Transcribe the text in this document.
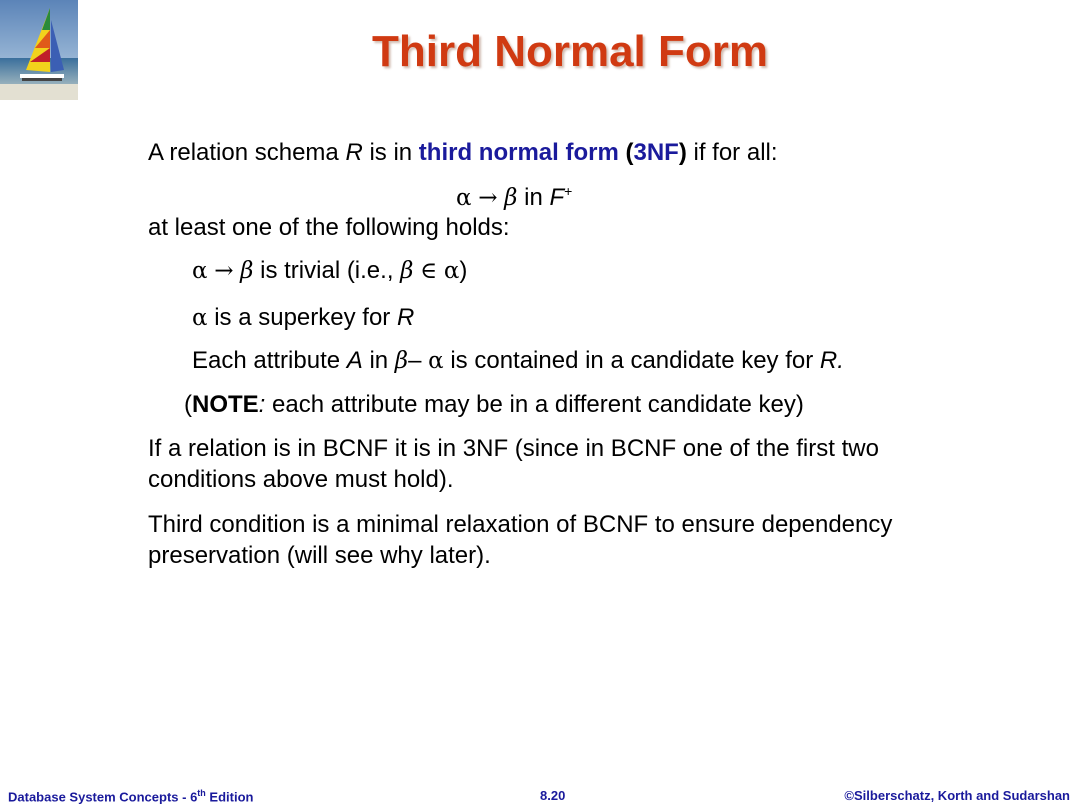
Third Normal Form
A relation schema R is in third normal form (3NF) if for all:
α → β in F+
at least one of the following holds:
α → β is trivial (i.e., β ∈ α)
α is a superkey for R
Each attribute A in β– α is contained in a candidate key for R.
(NOTE: each attribute may be in a different candidate key)
If a relation is in BCNF it is in 3NF (since in BCNF one of the first two
conditions above must hold).
Third condition is a minimal relaxation of BCNF to ensure dependency
preservation (will see why later).
Database System Concepts - 6th Edition	8.20	©Silberschatz, Korth and Sudarshan
